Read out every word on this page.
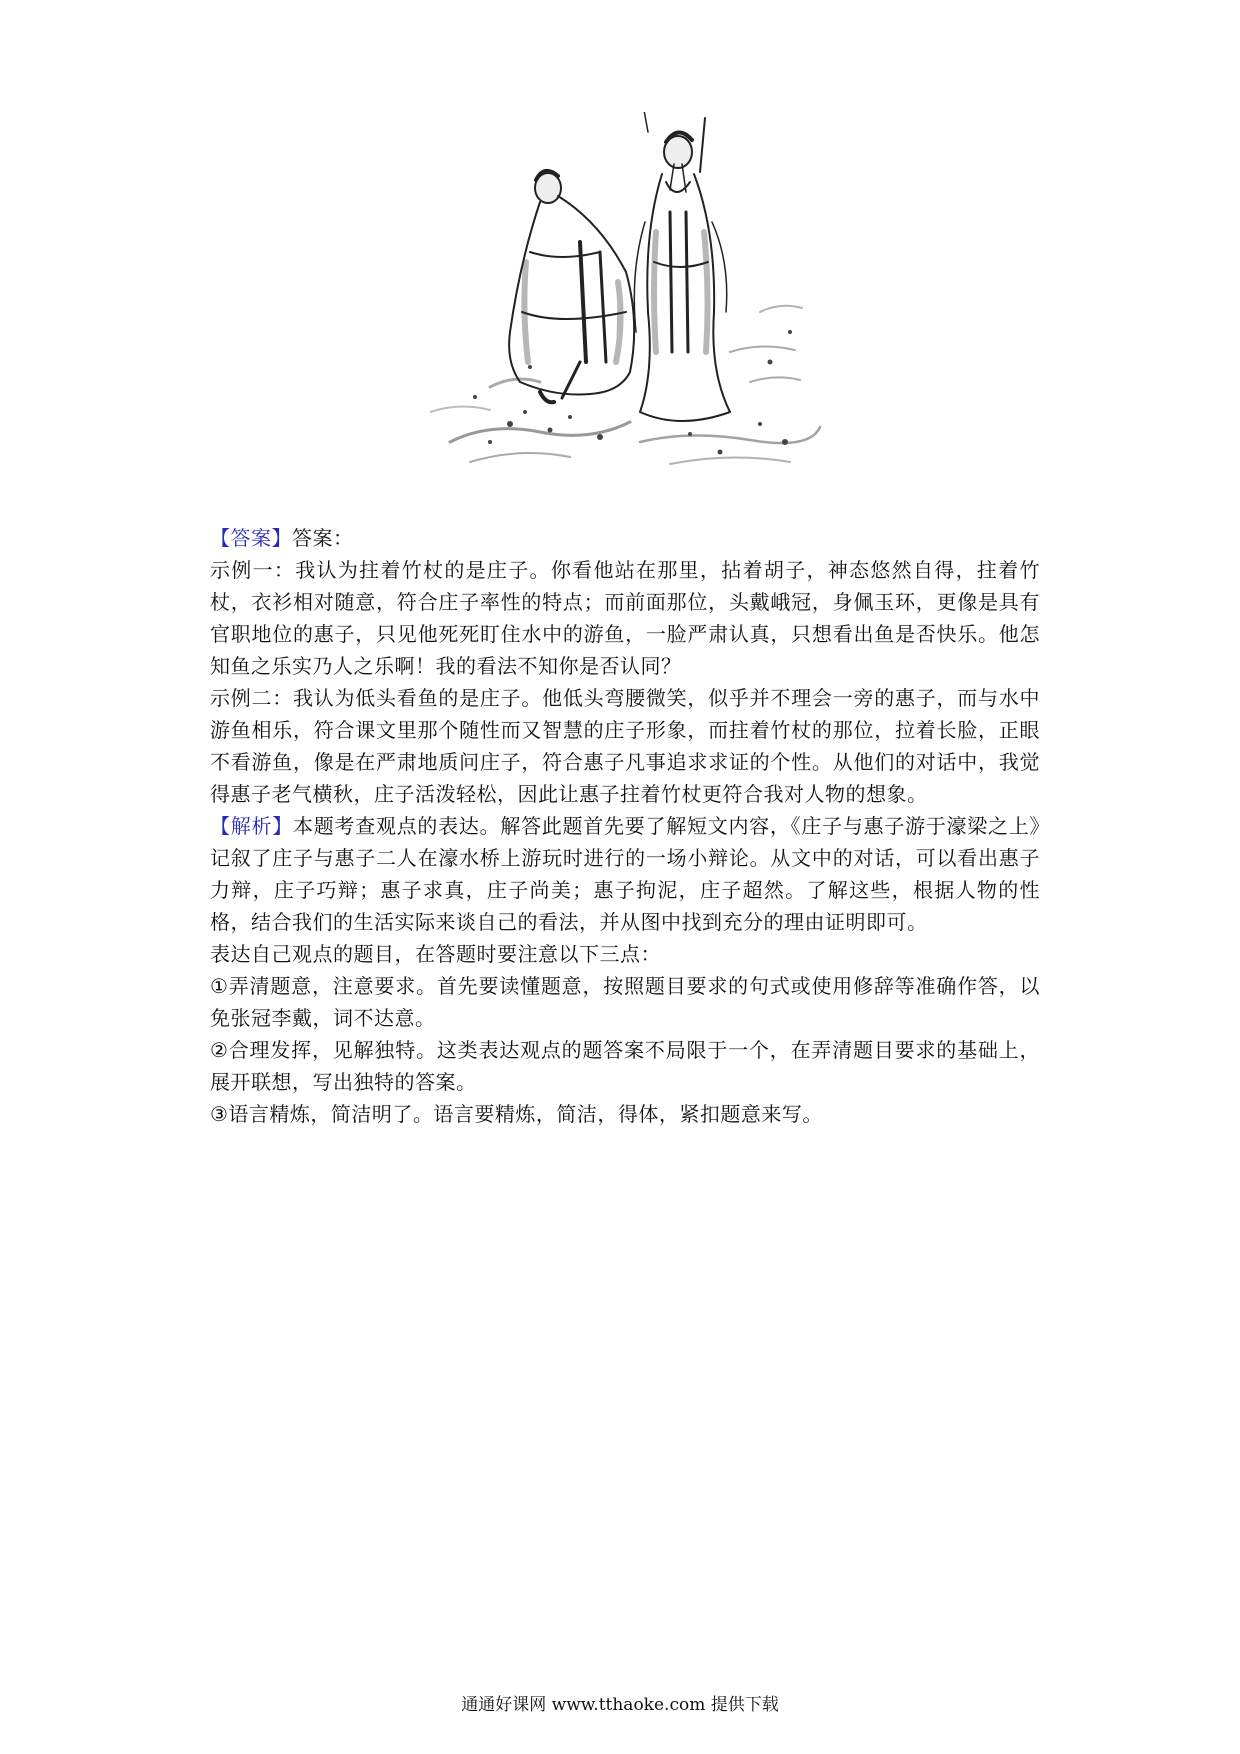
【答案】答案：

示例一：我认为拄着竹杖的是庄子。你看他站在那里，拈着胡子，神态悠然自得，拄着竹杖，衣衫相对随意，符合庄子率性的特点；而前面那位，头戴峨冠，身佩玉环，更像是具有官职地位的惠子，只见他死死盯住水中的游鱼，一脸严肃认真，只想看出鱼是否快乐。他怎知鱼之乐实乃人之乐啊！我的看法不知你是否认同？

示例二：我认为低头看鱼的是庄子。他低头弯腰微笑，似乎并不理会一旁的惠子，而与水中游鱼相乐，符合课文里那个随性而又智慧的庄子形象，而拄着竹杖的那位，拉着长脸，正眼不看游鱼，像是在严肃地质问庄子，符合惠子凡事追求求证的个性。从他们的对话中，我觉得惠子老气横秋，庄子活泼轻松，因此让惠子拄着竹杖更符合我对人物的想象。

【解析】本题考查观点的表达。解答此题首先要了解短文内容，《庄子与惠子游于濠梁之上》记叙了庄子与惠子二人在濠水桥上游玩时进行的一场小辩论。从文中的对话，可以看出惠子力辩，庄子巧辩；惠子求真，庄子尚美；惠子拘泥，庄子超然。了解这些，根据人物的性格，结合我们的生活实际来谈自己的看法，并从图中找到充分的理由证明即可。

表达自己观点的题目，在答题时要注意以下三点：

①弄清题意，注意要求。首先要读懂题意，按照题目要求的句式或使用修辞等准确作答，以免张冠李戴，词不达意。

②合理发挥，见解独特。这类表达观点的题答案不局限于一个，在弄清题目要求的基础上，展开联想，写出独特的答案。

③语言精炼，简洁明了。语言要精炼，简洁，得体，紧扣题意来写。

通通好课网 www.tthaoke.com 提供下载
